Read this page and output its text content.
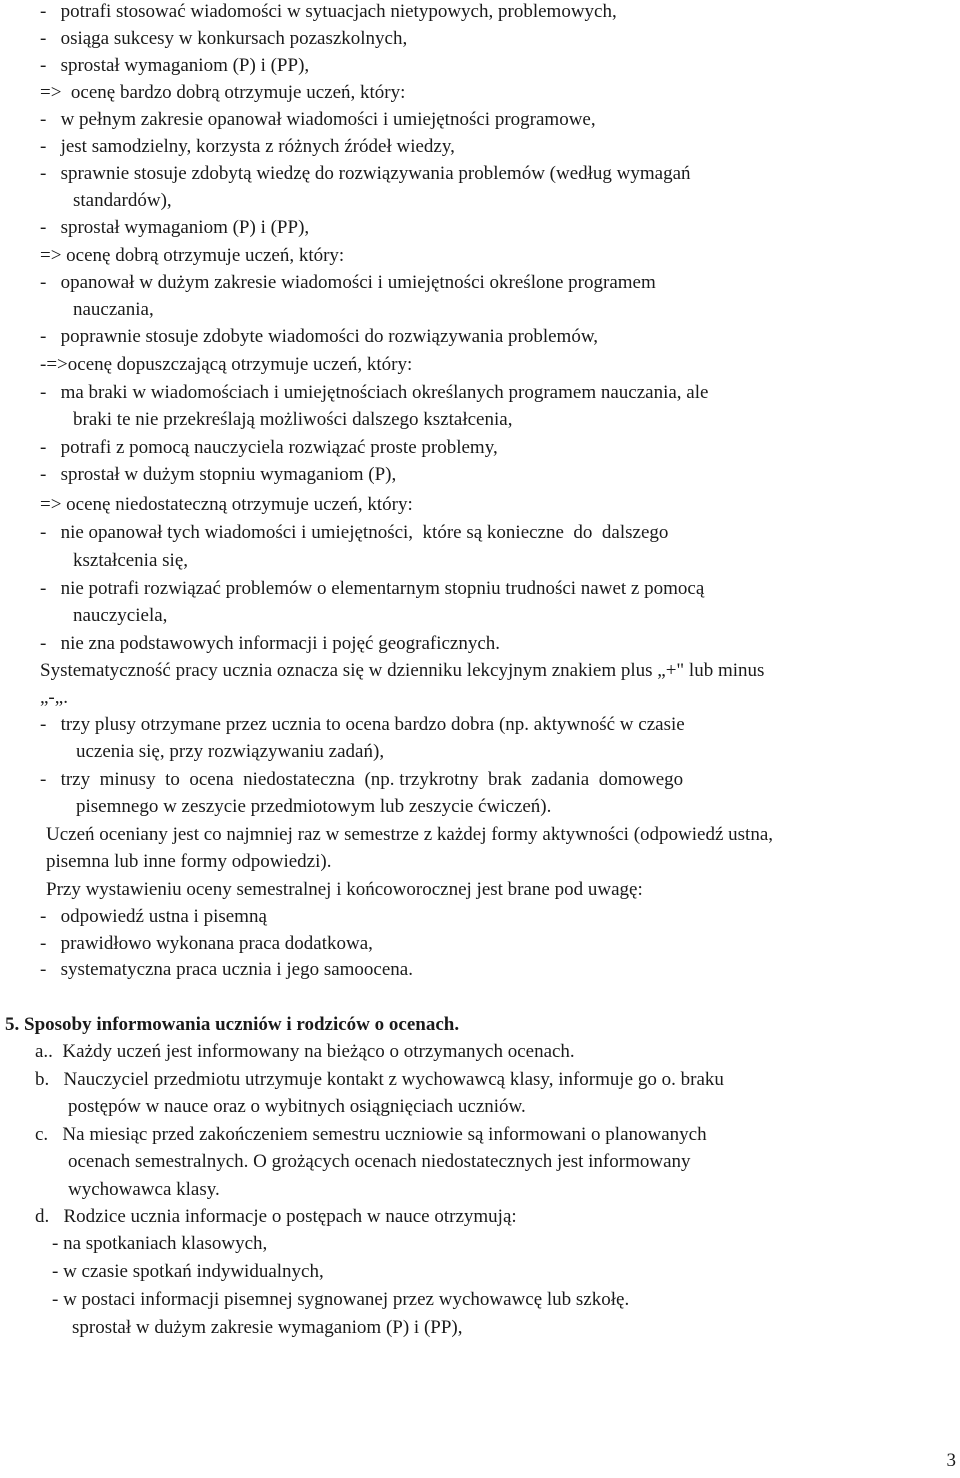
-   potrafi stosować wiadomości w sytuacjach nietypowych, problemowych,
-   osiąga sukcesy w konkursach pozaszkolnych,
-   sprostał wymaganiom (P) i (PP),
=>  ocenę bardzo dobrą otrzymuje uczeń, który:
-   w pełnym zakresie opanował wiadomości i umiejętności programowe,
-   jest samodzielny, korzysta z różnych źródeł wiedzy,
-   sprawnie stosuje zdobytą wiedzę do rozwiązywania problemów (według wymagań
standardów),
-   sprostał wymaganiom (P) i (PP),
=> ocenę dobrą otrzymuje uczeń, który:
-   opanował w dużym zakresie wiadomości i umiejętności określone programem
nauczania,
-   poprawnie stosuje zdobyte wiadomości do rozwiązywania problemów,
-=>ocenę dopuszczającą otrzymuje uczeń, który:
-   ma braki w wiadomościach i umiejętnościach określanych programem nauczania, ale
braki te nie przekreślają możliwości dalszego kształcenia,
-   potrafi z pomocą nauczyciela rozwiązać proste problemy,
-   sprostał w dużym stopniu wymaganiom (P),
=> ocenę niedostateczną otrzymuje uczeń, który:
-   nie opanował tych wiadomości i umiejętności,  które są konieczne  do  dalszego
kształcenia się,
-   nie potrafi rozwiązać problemów o elementarnym stopniu trudności nawet z pomocą
nauczyciela,
-   nie zna podstawowych informacji i pojęć geograficznych.
Systematyczność pracy ucznia oznacza się w dzienniku lekcyjnym znakiem plus „+" lub minus
„-„.
-   trzy plusy otrzymane przez ucznia to ocena bardzo dobra (np. aktywność w czasie
uczenia się, przy rozwiązywaniu zadań),
-   trzy  minusy  to  ocena  niedostateczna  (np. trzykrotny  brak  zadania  domowego
pisemnego w zeszycie przedmiotowym lub zeszycie ćwiczeń).
Uczeń oceniany jest co najmniej raz w semestrze z każdej formy aktywności (odpowiedź ustna,
pisemna lub inne formy odpowiedzi).
Przy wystawieniu oceny semestralnej i końcoworocznej jest brane pod uwagę:
-   odpowiedź ustna i pisemną
-   prawidłowo wykonana praca dodatkowa,
-   systematyczna praca ucznia i jego samoocena.
5. Sposoby informowania uczniów i rodziców o ocenach.
a..  Każdy uczeń jest informowany na bieżąco o otrzymanych ocenach.
b.   Nauczyciel przedmiotu utrzymuje kontakt z wychowawcą klasy, informuje go o. braku
postępów w nauce oraz o wybitnych osiągnięciach uczniów.
c.   Na miesiąc przed zakończeniem semestru uczniowie są informowani o planowanych
ocenach semestralnych. O grożących ocenach niedostatecznych jest informowany
wychowawca klasy.
d.   Rodzice ucznia informacje o postępach w nauce otrzymują:
- na spotkaniach klasowych,
- w czasie spotkań indywidualnych,
- w postaci informacji pisemnej sygnowanej przez wychowawcę lub szkołę.
sprostał w dużym zakresie wymaganiom (P) i (PP),
3
